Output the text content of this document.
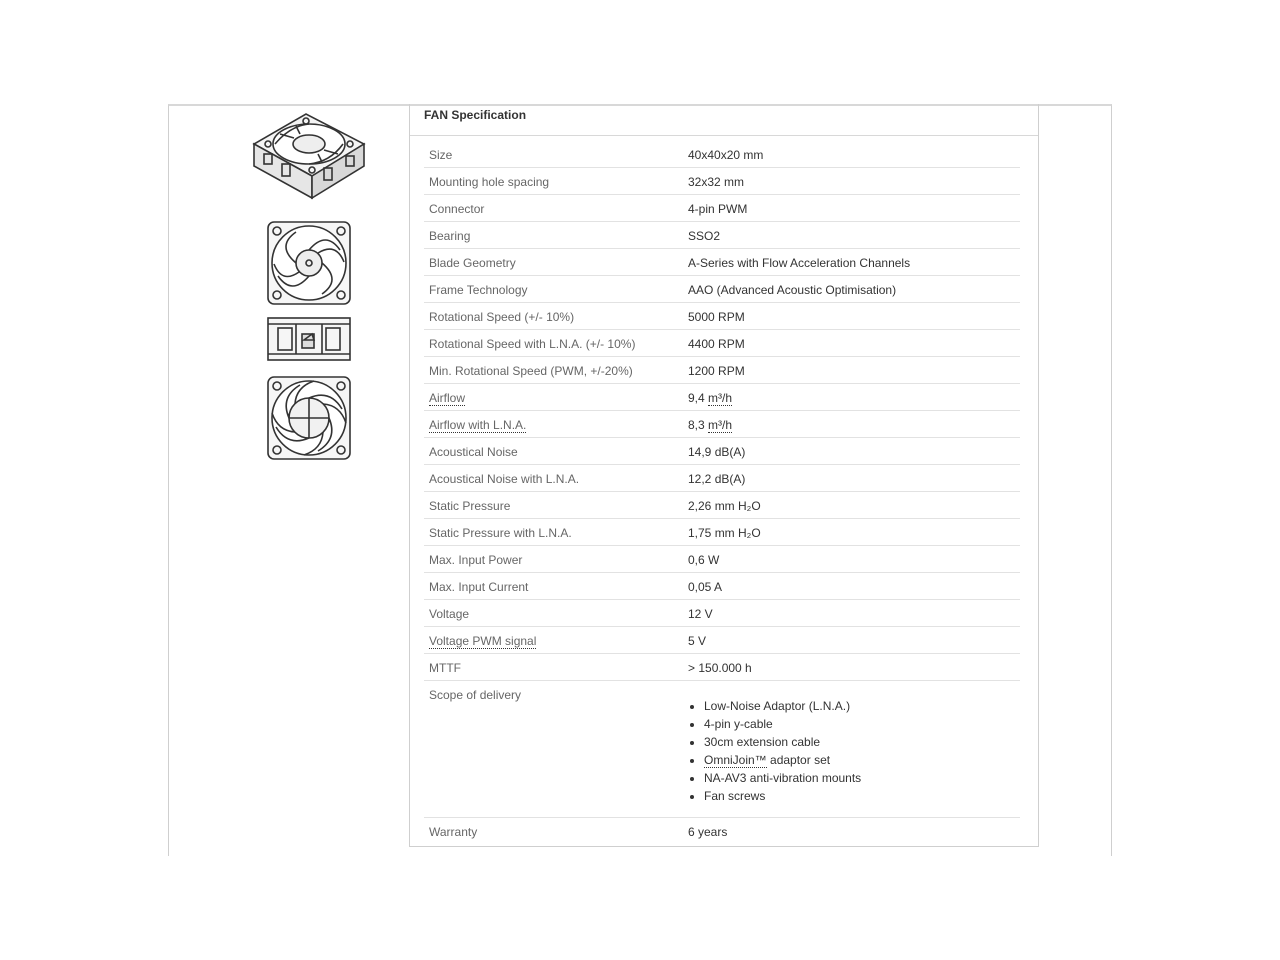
FAN Specification
Size	40x40x20 mm
Mounting hole spacing	32x32 mm
Connector	4-pin PWM
Bearing	SSO2
Blade Geometry	A-Series with Flow Acceleration Channels
Frame Technology	AAO (Advanced Acoustic Optimisation)
Rotational Speed (+/- 10%)	5000 RPM
Rotational Speed with L.N.A. (+/- 10%)	4400 RPM
Min. Rotational Speed (PWM, +/-20%)	1200 RPM
Airflow	9,4 m³/h
Airflow with L.N.A.	8,3 m³/h
Acoustical Noise	14,9 dB(A)
Acoustical Noise with L.N.A.	12,2 dB(A)
Static Pressure	2,26 mm H₂O
Static Pressure with L.N.A.	1,75 mm H₂O
Max. Input Power	0,6 W
Max. Input Current	0,05 A
Voltage	12 V
Voltage PWM signal	5 V
MTTF	> 150.000 h
Scope of delivery
• Low-Noise Adaptor (L.N.A.)
• 4-pin y-cable
• 30cm extension cable
• OmniJoin™ adaptor set
• NA-AV3 anti-vibration mounts
• Fan screws
Warranty	6 years
